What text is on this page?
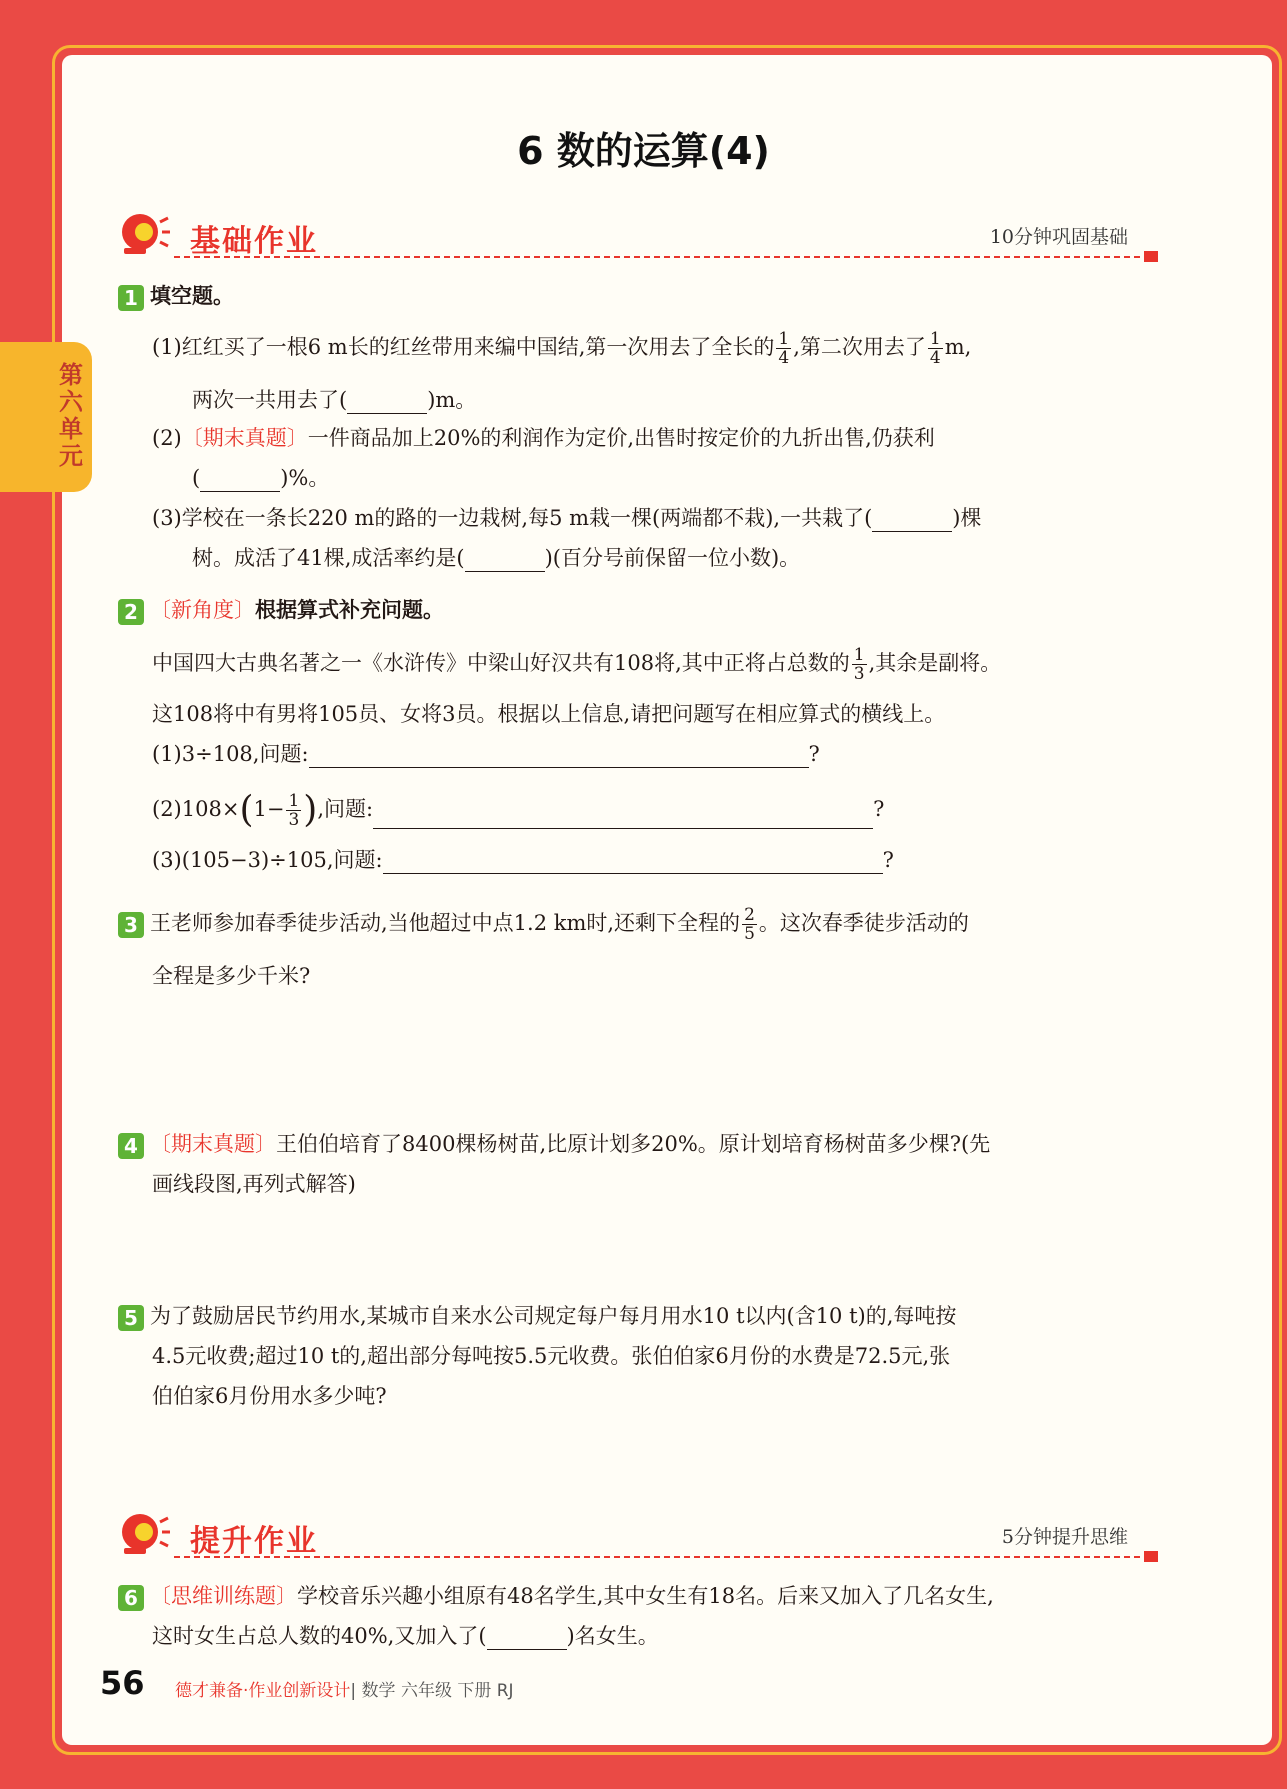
第六单元
6 数的运算(4)
基础作业	10分钟巩固基础
1 填空题。
(1)红红买了一根6 m长的红丝带用来编中国结,第一次用去了全长的 $\frac{1}{4}$ ,第二次用去了 $\frac{1}{4} m$,
两次一共用去了(	)m。
(2)〔期末真题〕一件商品加上20%的利润作为定价,出售时按定价的九折出售,仍获利
(	)%。
(3)学校在一条长220 m的路的一边栽树,每5 m栽一棵(两端都不栽),一共栽了(	)棵
树。成活了41棵,成活率约是(	)(百分号前保留一位小数)。
2 〔新角度〕根据算式补充问题。
中国四大古典名著之一《水浒传》中梁山好汉共有108将,其中正将占总数的 $\frac{1}{3}$ ,其余是副将。
这108将中有男将105员、女将3员。根据以上信息,请把问题写在相应算式的横线上。
(1)3÷108,问题:	?
$(2)108\times(1- \frac{1}{3}$ ),问题:	?
(3)(105−3)÷105,问题:	?
3 王老师参加春季徒步活动,当他超过中点1.2 km时,还剩下全程的 $\frac{2}{5}$ 。这次春季徒步活动的
全程是多少千米?
4 〔期末真题〕王伯伯培育了8400棵杨树苗,比原计划多20%。原计划培育杨树苗多少棵?(先
画线段图,再列式解答)
5 为了鼓励居民节约用水,某城市自来水公司规定每户每月用水10 t以内(含10 t)的,每吨按
4.5元收费;超过10 t的,超出部分每吨按5.5元收费。张伯伯家6月份的水费是72.5元,张
伯伯家6月份用水多少吨?
提升作业	5分钟提升思维
6 〔思维训练题〕学校音乐兴趣小组原有48名学生,其中女生有18名。后来又加入了几名女生,
这时女生占总人数的40%,又加入了(	)名女生。
56 德才兼备·作业创新设计| 数学 六年级 下册 RJ
